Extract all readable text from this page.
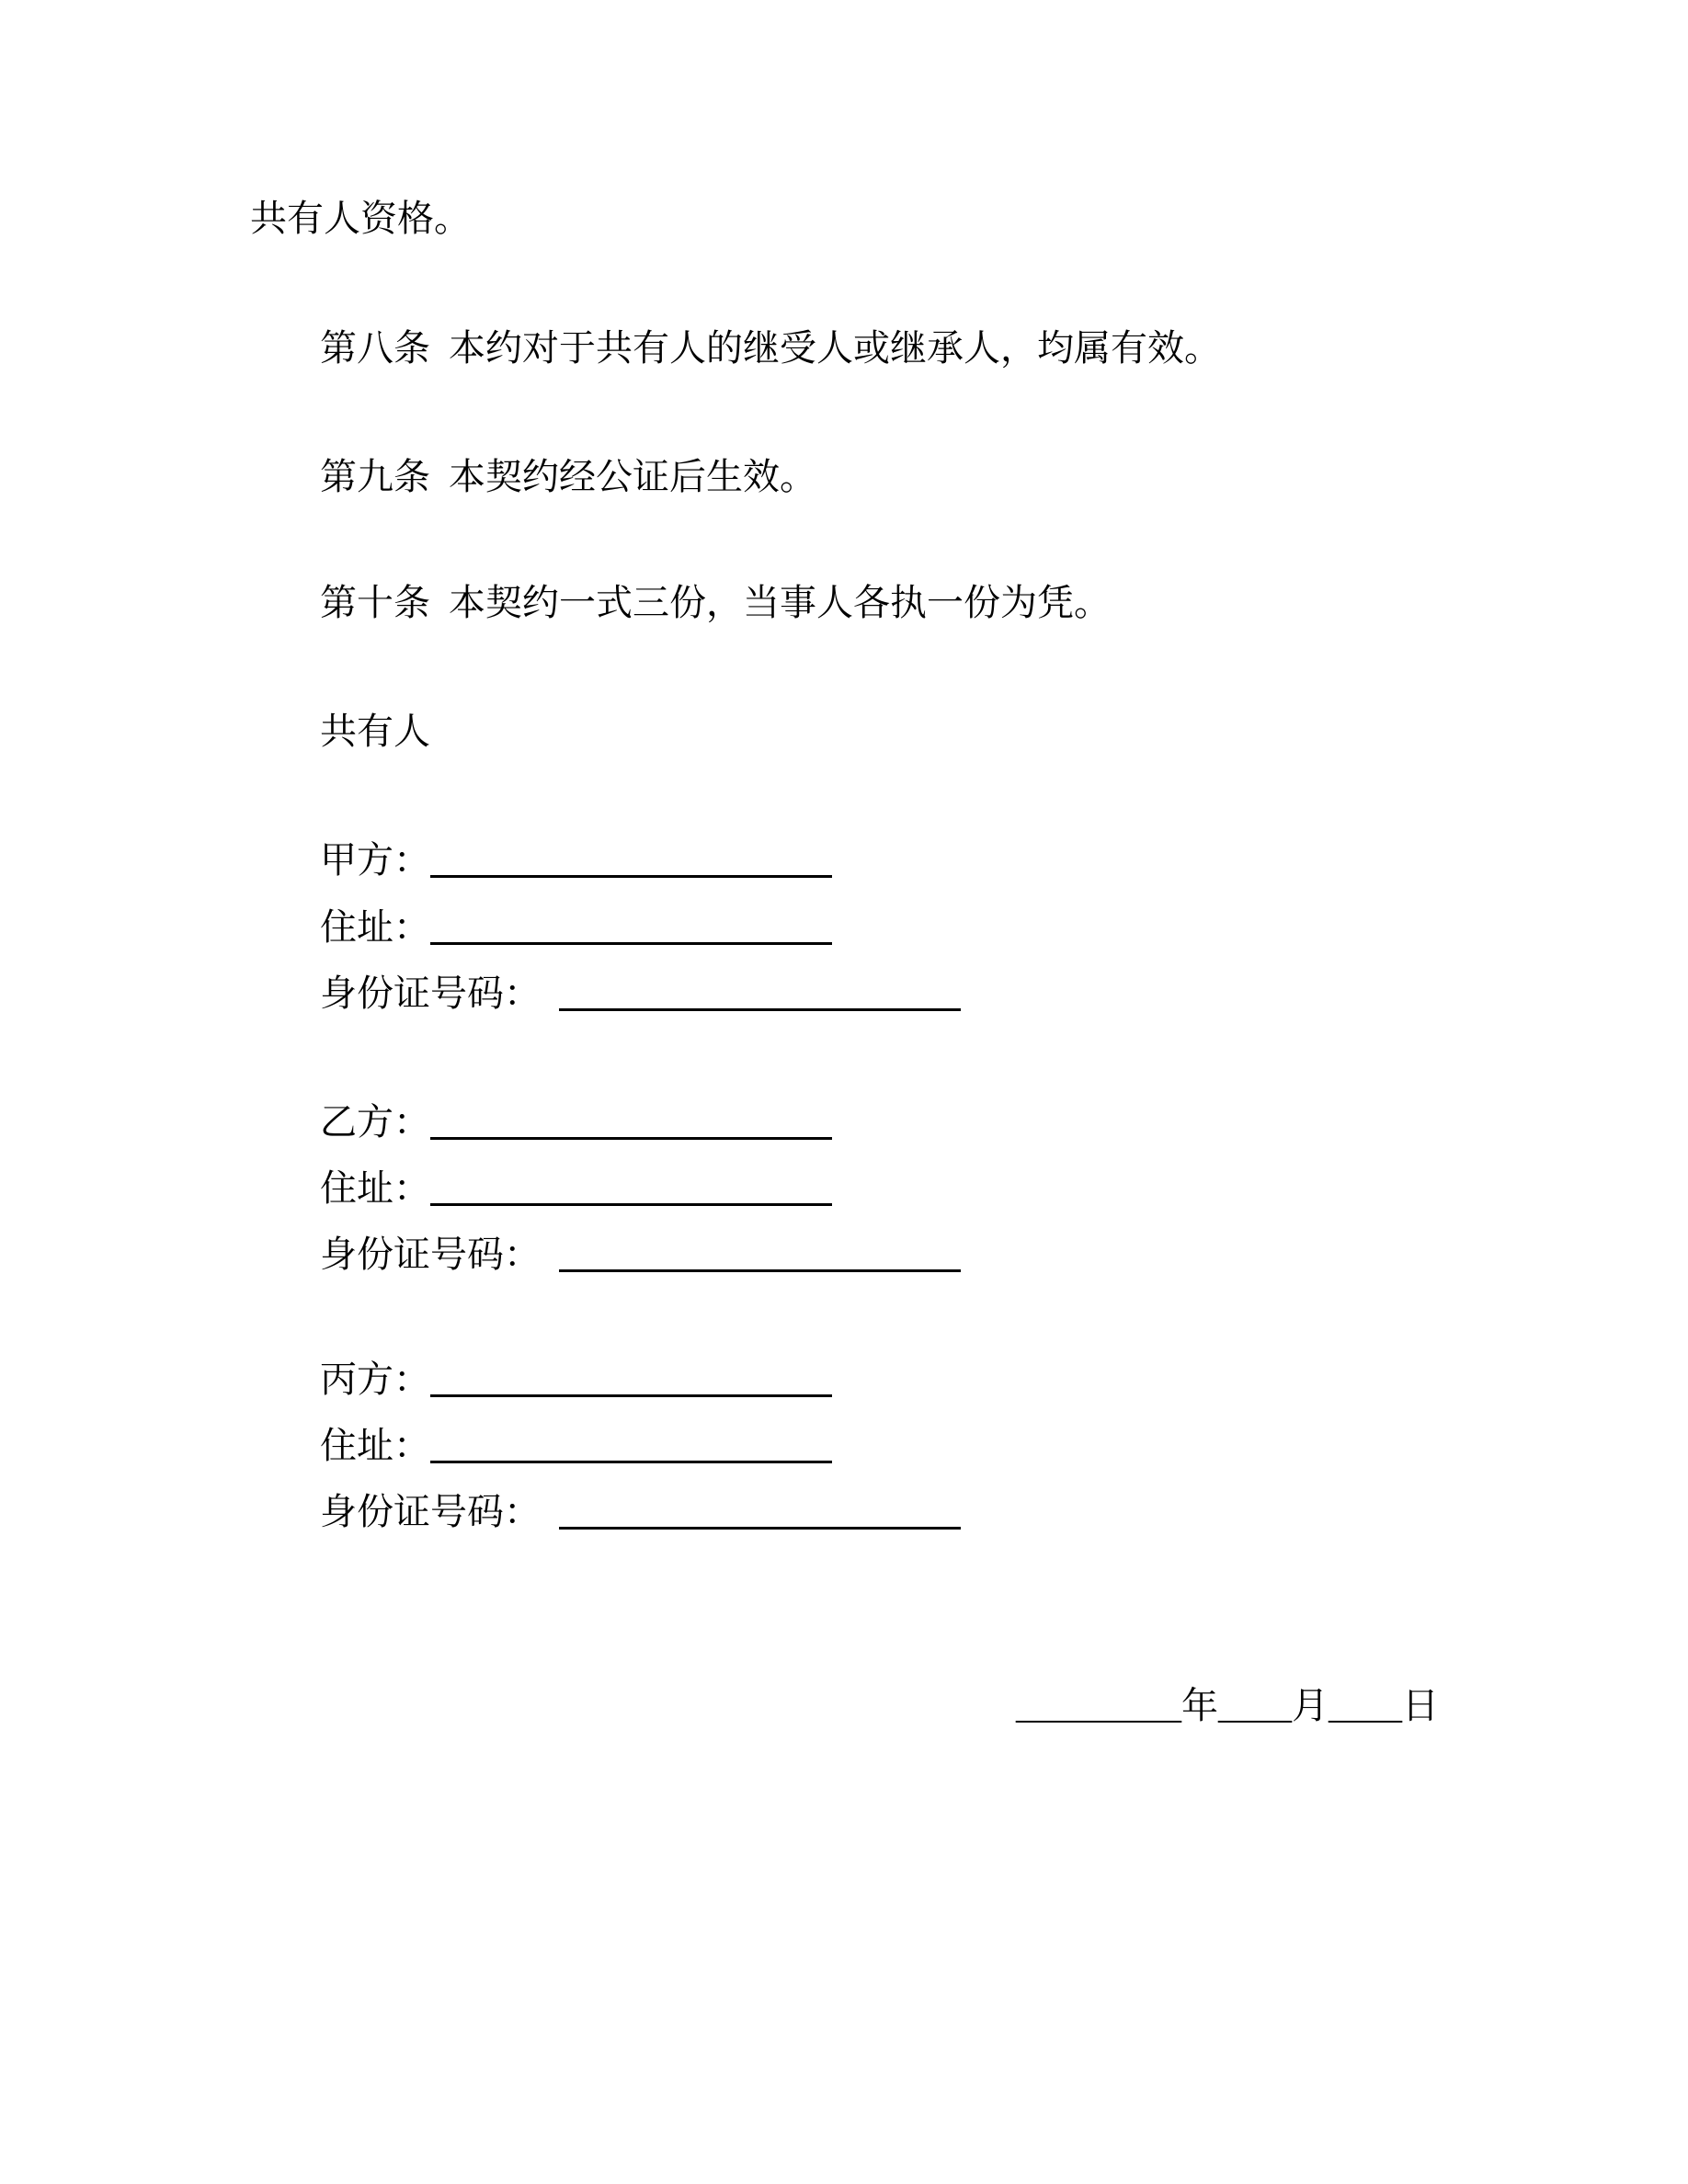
共有人资格。
第八条 本约对于共有人的继受人或继承人，均属有效。
第九条 本契约经公证后生效。
第十条 本契约一式三份，当事人各执一份为凭。
共有人
甲方：
住址：
身份证号码：
乙方：
住址：
身份证号码：
丙方：
住址：
身份证号码：
_________年____月____日
